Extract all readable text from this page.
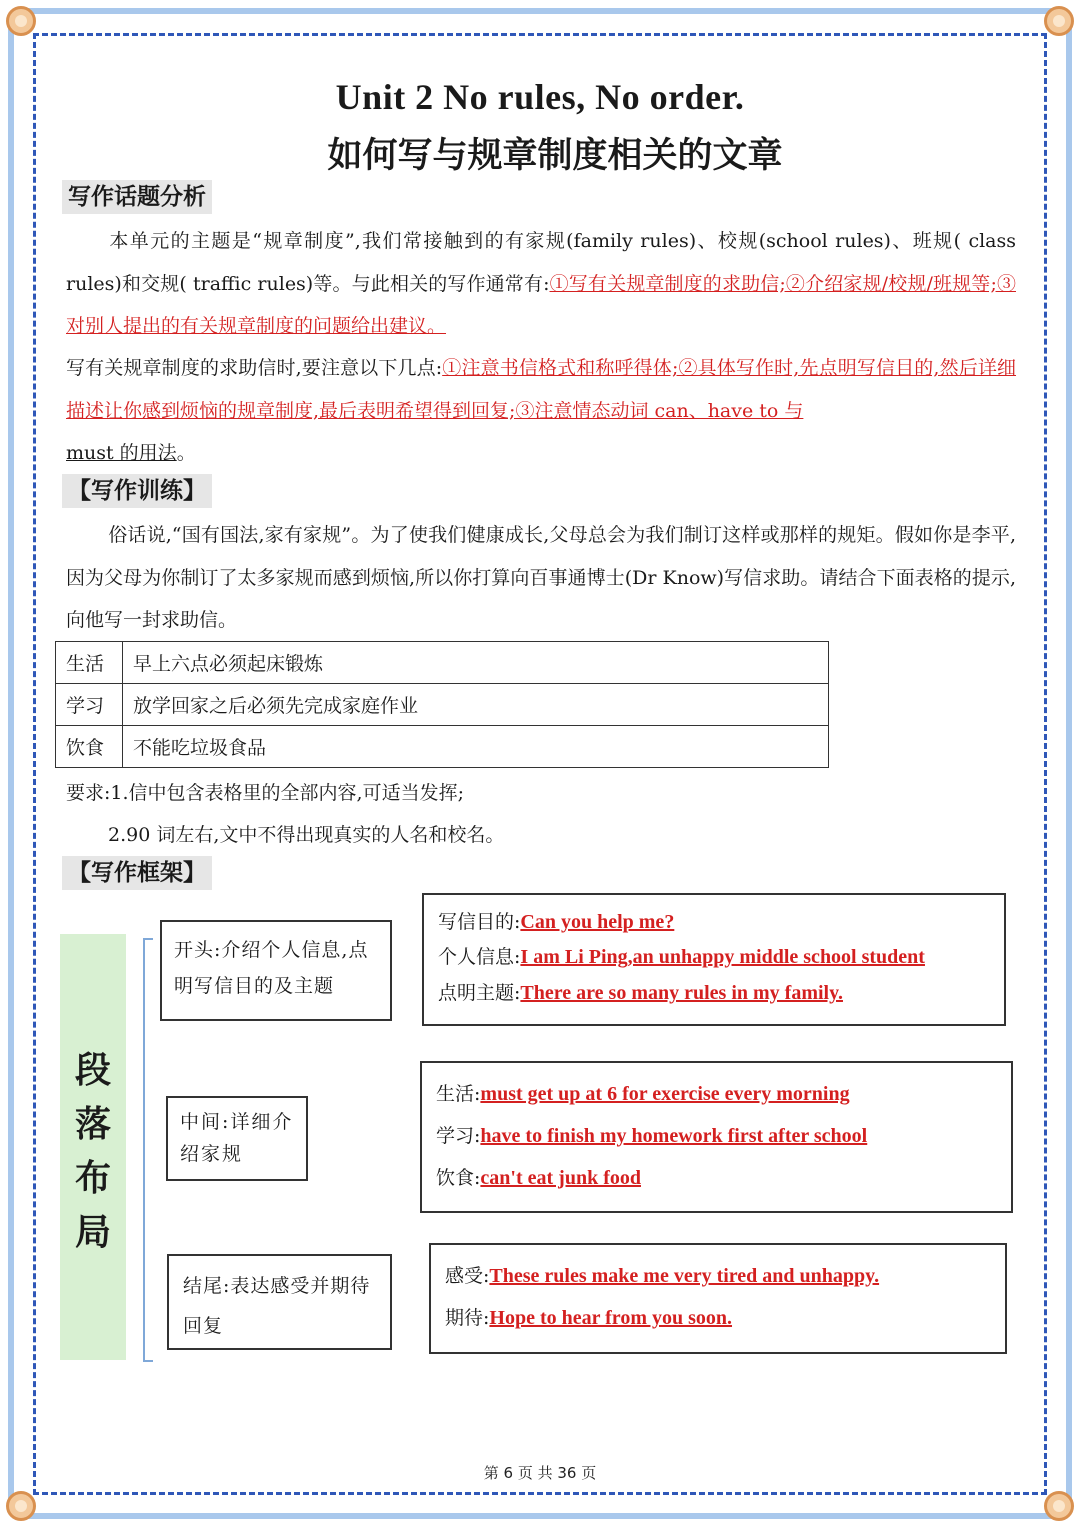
Unit 2 No rules, No order.
如何写与规章制度相关的文章
写作话题分析
本单元的主题是“规章制度”,我们常接触到的有家规(family rules)、校规(school rules)、班规( class rules)和交规( traffic rules)等。与此相关的写作通常有:①写有关规章制度的求助信;②介绍家规/校规/班规等;③对别人提出的有关规章制度的问题给出建议。
写有关规章制度的求助信时,要注意以下几点:①注意书信格式和称呼得体;②具体写作时,先点明写信目的,然后详细描述让你感到烦恼的规章制度,最后表明希望得到回复;③注意情态动词 can、have to 与
must 的用法。
【写作训练】
俗话说,“国有国法,家有家规”。为了使我们健康成长,父母总会为我们制订这样或那样的规矩。假如你是李平,因为父母为你制订了太多家规而感到烦恼,所以你打算向百事通博士(Dr Know)写信求助。请结合下面表格的提示,向他写一封求助信。
生活	早上六点必须起床锻炼
学习	放学回家之后必须先完成家庭作业
饮食	不能吃垃圾食品
要求:1.信中包含表格里的全部内容,可适当发挥;
2.90 词左右,文中不得出现真实的人名和校名。
【写作框架】
段
落
布
局
开头:介绍个人信息,点明写信目的及主题
写信目的:Can you help me?
个人信息:I am Li Ping,an unhappy middle school student
点明主题:There are so many rules in my family.
中间:详细介绍家规
生活:must get up at 6 for exercise every morning
学习:have to finish my homework first after school
饮食:can't eat junk food
结尾:表达感受并期待回复
感受:These rules make me very tired and unhappy.
期待:Hope to hear from you soon.
第 6 页 共 36 页
